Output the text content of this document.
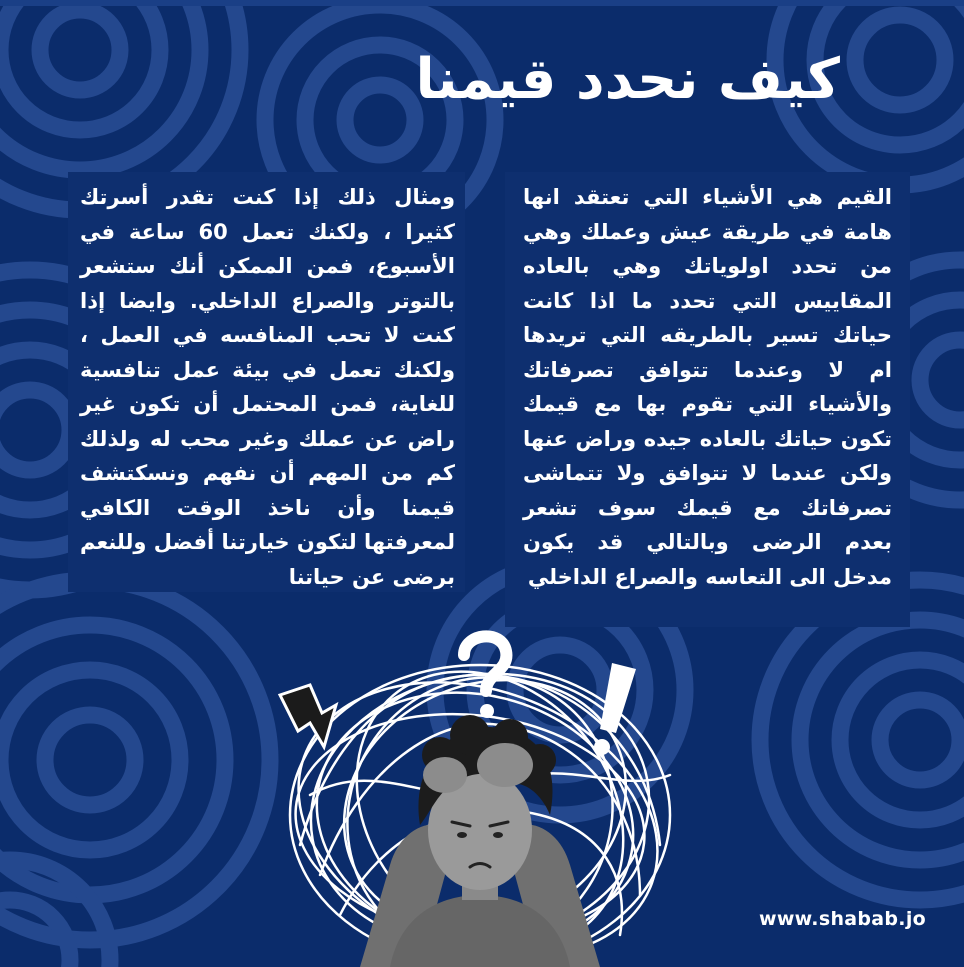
كيف نحدد قيمنا
القيم هي الأشياء التي تعتقد انها هامة في طريقة عيش وعملك وهي من تحدد اولوياتك وهي بالعاده المقاييس التي تحدد ما اذا كانت حياتك تسير بالطريقه التي تريدها ام لا وعندما تتوافق تصرفاتك والأشياء التي تقوم بها مع قيمك تكون حياتك بالعاده جيده وراض عنها ولكن عندما لا تتوافق ولا تتماشى تصرفاتك مع قيمك سوف تشعر بعدم الرضى وبالتالي قد يكون مدخل الى التعاسه والصراع الداخلي
ومثال ذلك إذا كنت تقدر أسرتك كثيرا ، ولكنك تعمل 60 ساعة في الأسبوع، فمن الممكن أنك ستشعر بالتوتر والصراع الداخلي. وايضا إذا كنت لا تحب المنافسه في العمل ، ولكنك تعمل في بيئة عمل تنافسية للغاية، فمن المحتمل أن تكون غير راض عن عملك وغير محب له ولذلك كم من المهم أن نفهم ونسكتشف قيمنا وأن ناخذ الوقت الكافي لمعرفتها لتكون خيارتنا أفضل وللنعم برضى عن حياتنا
www.shabab.jo
